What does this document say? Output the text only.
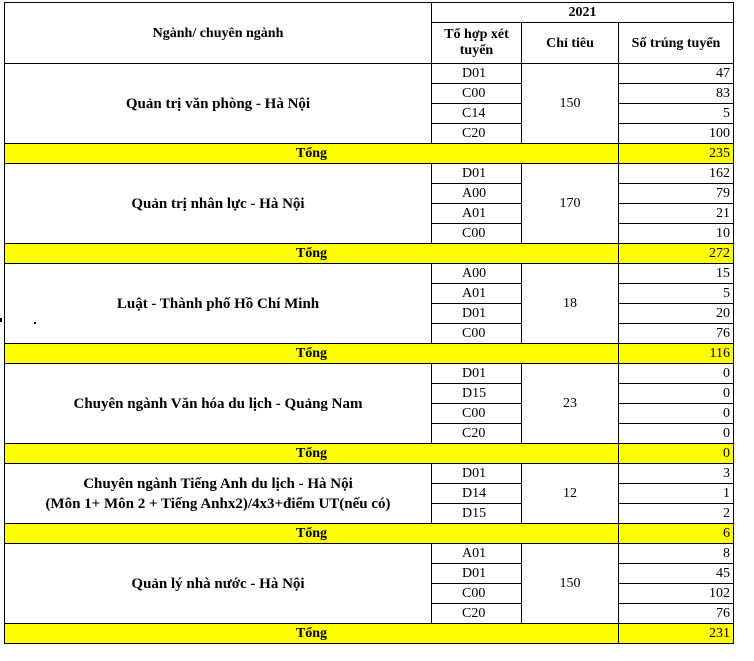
Ngành/ chuyên ngành	2021		
	Tổ hợp xét tuyển	Chỉ tiêu	Số trúng tuyển
Quản trị văn phòng - Hà Nội	D01	150	47
	C00		83
	C14		5
	C20		100
Tổng			235
Quản trị nhân lực - Hà Nội	D01	170	162
	A00		79
	A01		21
	C00		10
Tổng			272
Luật - Thành phố Hồ Chí Minh	A00	18	15
	A01		5
	D01		20
	C00		76
Tổng			116
Chuyên ngành Văn hóa du lịch - Quảng Nam	D01	23	0
	D15		0
	C00		0
	C20		0
Tổng			0
Chuyên ngành Tiếng Anh du lịch - Hà Nội
(Môn 1+ Môn 2 + Tiếng Anhx2)/4x3+điểm UT(nếu có)	D01	12	3
	D14		1
	D15		2
Tổng			6
Quản lý nhà nước - Hà Nội	A01	150	8
	D01		45
	C00		102
	C20		76
Tổng			231
